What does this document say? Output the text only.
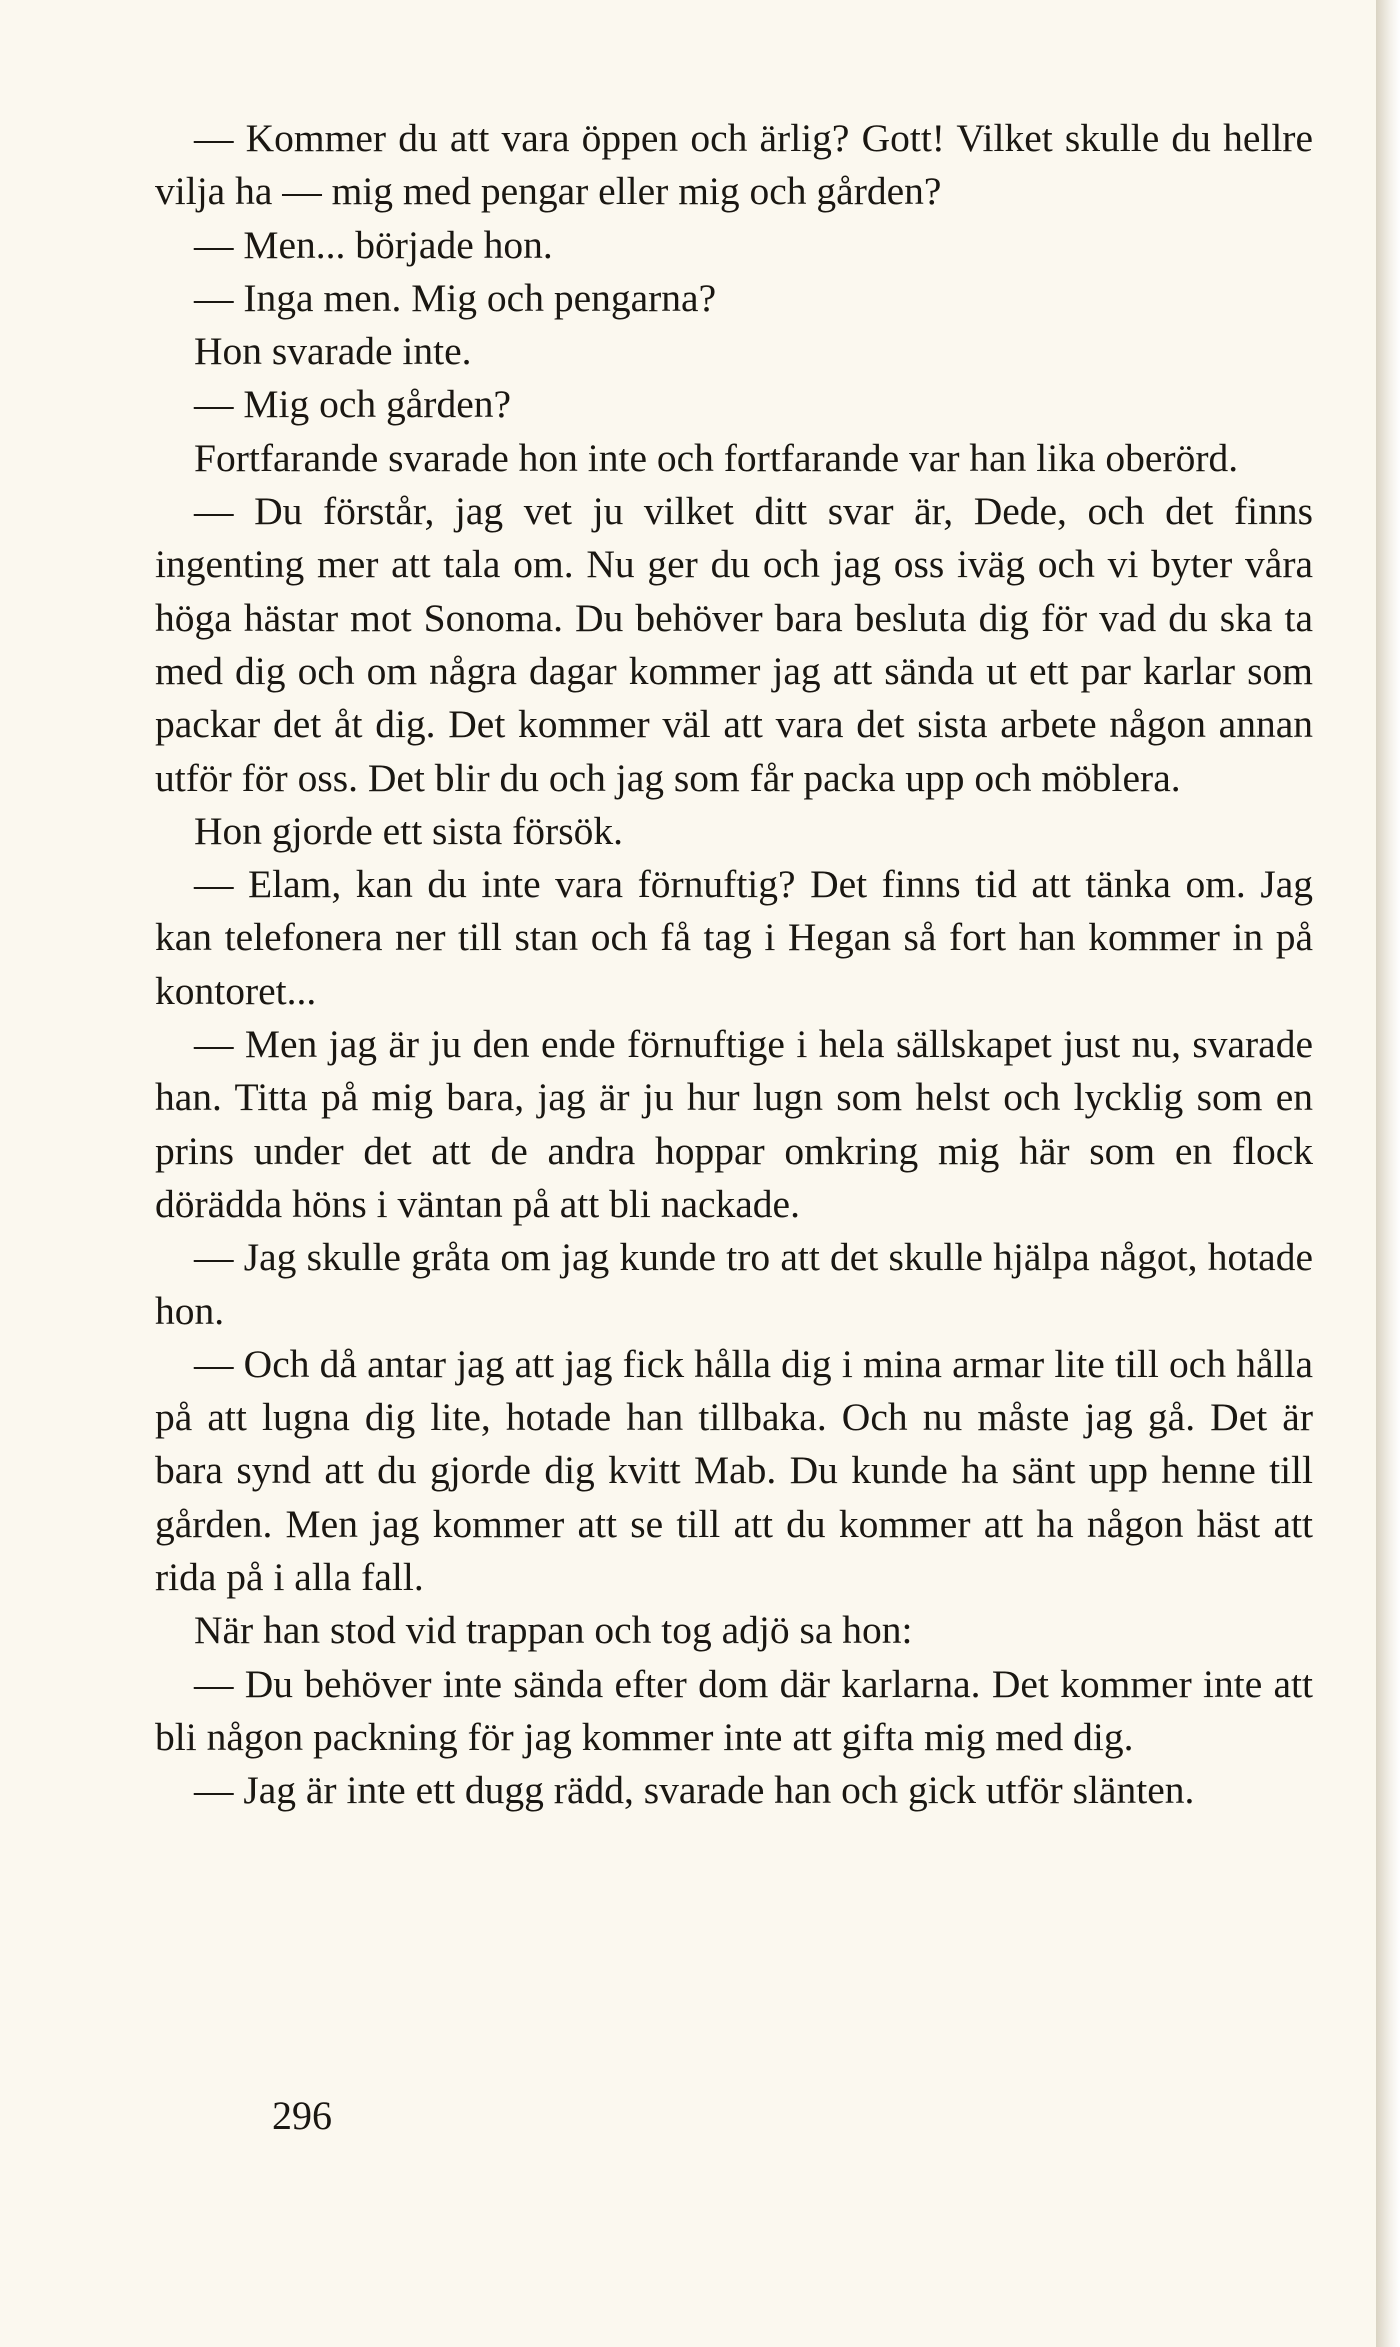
— Kommer du att vara öppen och ärlig? Gott! Vilket skulle du hellre vilja ha — mig med pengar eller mig och gården?

— Men... började hon.

— Inga men. Mig och pengarna?

Hon svarade inte.

— Mig och gården?

Fortfarande svarade hon inte och fortfarande var han lika oberörd.

— Du förstår, jag vet ju vilket ditt svar är, Dede, och det finns ingenting mer att tala om. Nu ger du och jag oss iväg och vi byter våra höga hästar mot Sonoma. Du behöver bara besluta dig för vad du ska ta med dig och om några dagar kommer jag att sända ut ett par karlar som packar det åt dig. Det kommer väl att vara det sista arbete någon annan utför för oss. Det blir du och jag som får packa upp och möblera.

Hon gjorde ett sista försök.

— Elam, kan du inte vara förnuftig? Det finns tid att tänka om. Jag kan telefonera ner till stan och få tag i Hegan så fort han kommer in på kontoret...

— Men jag är ju den ende förnuftige i hela sällskapet just nu, svarade han. Titta på mig bara, jag är ju hur lugn som helst och lycklig som en prins under det att de andra hoppar omkring mig här som en flock dörädda höns i väntan på att bli nackade.

— Jag skulle gråta om jag kunde tro att det skulle hjälpa något, hotade hon.

— Och då antar jag att jag fick hålla dig i mina armar lite till och hålla på att lugna dig lite, hotade han tillbaka. Och nu måste jag gå. Det är bara synd att du gjorde dig kvitt Mab. Du kunde ha sänt upp henne till gården. Men jag kommer att se till att du kommer att ha någon häst att rida på i alla fall.

När han stod vid trappan och tog adjö sa hon:

— Du behöver inte sända efter dom där karlarna. Det kommer inte att bli någon packning för jag kommer inte att gifta mig med dig.

— Jag är inte ett dugg rädd, svarade han och gick utför slänten.

296
